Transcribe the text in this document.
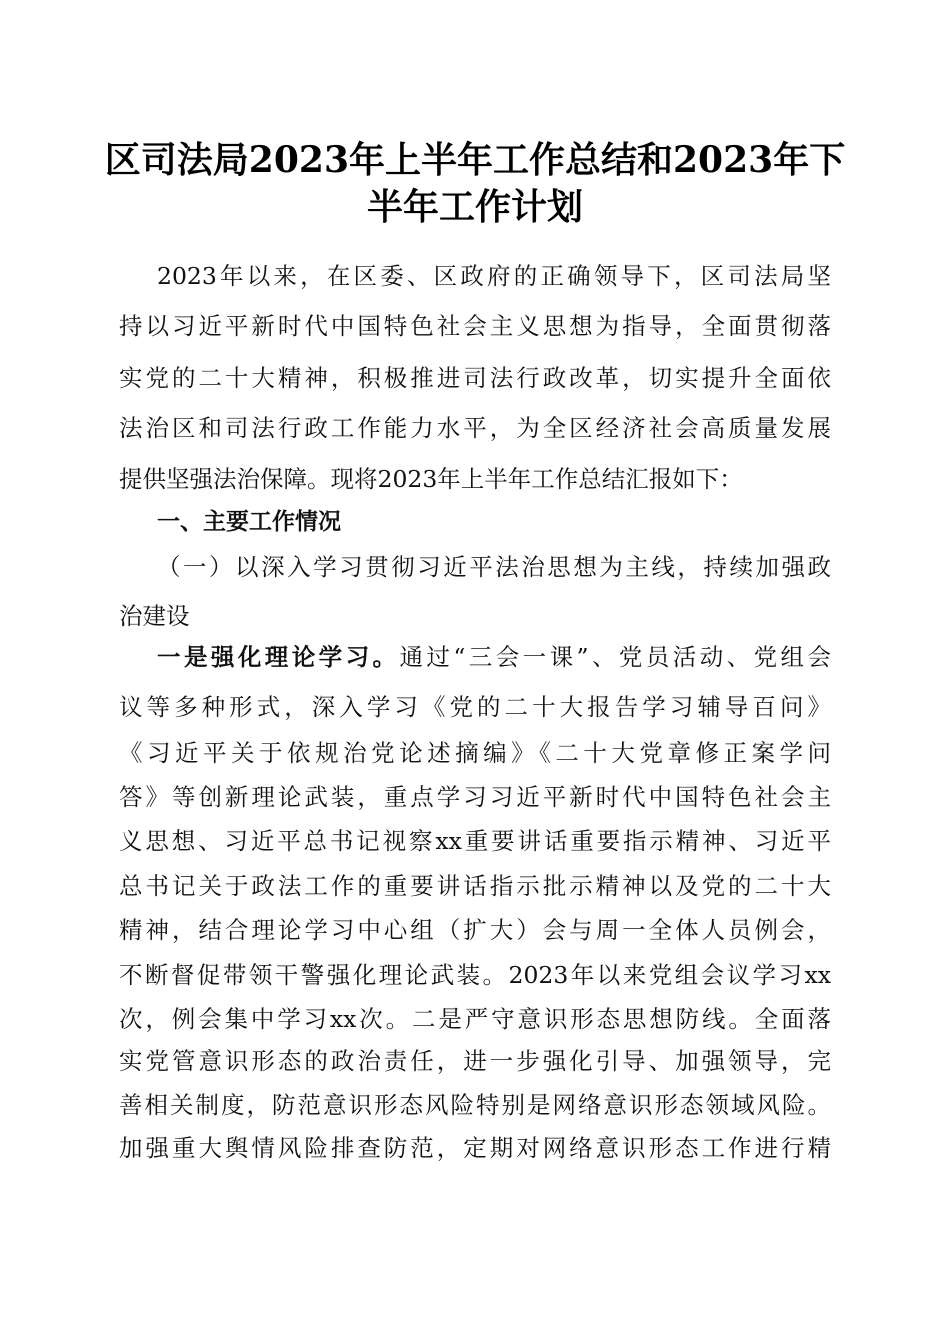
区司法局2023年上半年工作总结和2023年下
半年工作计划
2023年以来，在区委、区政府的正确领导下，区司法局坚
持以习近平新时代中国特色社会主义思想为指导，全面贯彻落
实党的二十大精神，积极推进司法行政改革，切实提升全面依
法治区和司法行政工作能力水平，为全区经济社会高质量发展
提供坚强法治保障。现将2023年上半年工作总结汇报如下：
一、主要工作情况
（一）以深入学习贯彻习近平法治思想为主线，持续加强政
治建设
一是强化理论学习。通过“三会一课”、党员活动、党组会
议等多种形式，深入学习《党的二十大报告学习辅导百问》
《习近平关于依规治党论述摘编》《二十大党章修正案学问
答》等创新理论武装，重点学习习近平新时代中国特色社会主
义思想、习近平总书记视察xx重要讲话重要指示精神、习近平
总书记关于政法工作的重要讲话指示批示精神以及党的二十大
精神，结合理论学习中心组（扩大）会与周一全体人员例会，
不断督促带领干警强化理论武装。2023年以来党组会议学习xx
次，例会集中学习xx次。二是严守意识形态思想防线。全面落
实党管意识形态的政治责任，进一步强化引导、加强领导，完
善相关制度，防范意识形态风险特别是网络意识形态领域风险。
加强重大舆情风险排查防范，定期对网络意识形态工作进行精
